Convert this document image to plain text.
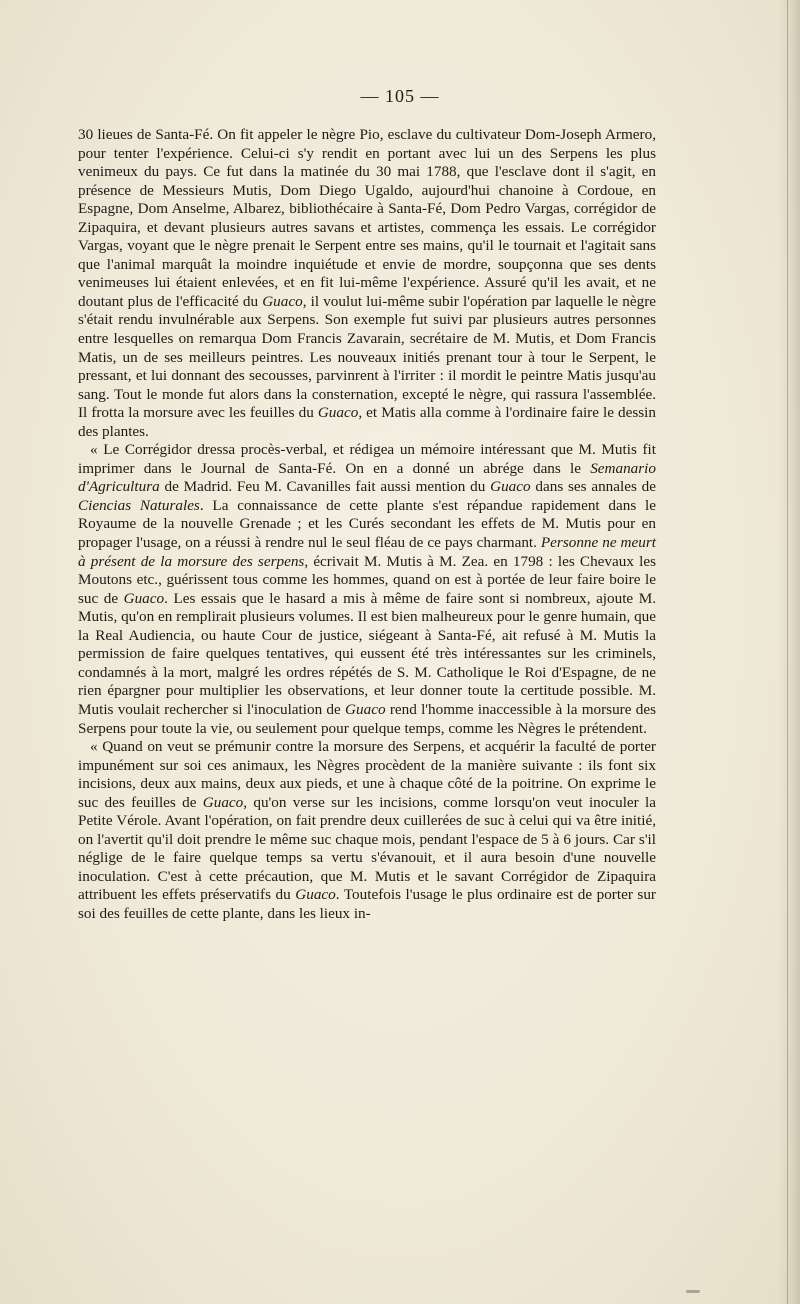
— 105 —

30 lieues de Santa-Fé. On fit appeler le nègre Pio, esclave du cultivateur Dom-Joseph Armero, pour tenter l'expérience. Celui-ci s'y rendit en portant avec lui un des Serpens les plus venimeux du pays. Ce fut dans la matinée du 30 mai 1788, que l'esclave dont il s'agit, en présence de Messieurs Mutis, Dom Diego Ugaldo, aujourd'hui chanoine à Cordoue, en Espagne, Dom Anselme, Albarez, bibliothécaire à Santa-Fé, Dom Pedro Vargas, corrégidor de Zipaquira, et devant plusieurs autres savans et artistes, commença les essais. Le corrégidor Vargas, voyant que le nègre prenait le Serpent entre ses mains, qu'il le tournait et l'agitait sans que l'animal marquât la moindre inquiétude et envie de mordre, soupçonna que ses dents venimeuses lui étaient enlevées, et en fit lui-même l'expérience. Assuré qu'il les avait, et ne doutant plus de l'efficacité du Guaco, il voulut lui-même subir l'opération par laquelle le nègre s'était rendu invulnérable aux Serpens. Son exemple fut suivi par plusieurs autres personnes entre lesquelles on remarqua Dom Francis Zavarain, secrétaire de M. Mutis, et Dom Francis Matis, un de ses meilleurs peintres. Les nouveaux initiés prenant tour à tour le Serpent, le pressant, et lui donnant des secousses, parvinrent à l'irriter : il mordit le peintre Matis jusqu'au sang. Tout le monde fut alors dans la consternation, excepté le nègre, qui rassura l'assemblée. Il frotta la morsure avec les feuilles du Guaco, et Matis alla comme à l'ordinaire faire le dessin des plantes.

« Le Corrégidor dressa procès-verbal, et rédigea un mémoire intéressant que M. Mutis fit imprimer dans le Journal de Santa-Fé. On en a donné un abrége dans le Semanario d'Agricultura de Madrid. Feu M. Cavanilles fait aussi mention du Guaco dans ses annales de Ciencias Naturales. La connaissance de cette plante s'est répandue rapidement dans le Royaume de la nouvelle Grenade ; et les Curés secondant les effets de M. Mutis pour en propager l'usage, on a réussi à rendre nul le seul fléau de ce pays charmant. Personne ne meurt à présent de la morsure des serpens, écrivait M. Mutis à M. Zea. en 1798 : les Chevaux les Moutons etc., guérissent tous comme les hommes, quand on est à portée de leur faire boire le suc de Guaco. Les essais que le hasard a mis à même de faire sont si nombreux, ajoute M. Mutis, qu'on en remplirait plusieurs volumes. Il est bien malheureux pour le genre humain, que la Real Audiencia, ou haute Cour de justice, siégeant à Santa-Fé, ait refusé à M. Mutis la permission de faire quelques tentatives, qui eussent été très intéressantes sur les criminels, condamnés à la mort, malgré les ordres répétés de S. M. Catholique le Roi d'Espagne, de ne rien épargner pour multiplier les observations, et leur donner toute la certitude possible. M. Mutis voulait rechercher si l'inoculation de Guaco rend l'homme inaccessible à la morsure des Serpens pour toute la vie, ou seulement pour quelque temps, comme les Nègres le prétendent.

« Quand on veut se prémunir contre la morsure des Serpens, et acquérir la faculté de porter impunément sur soi ces animaux, les Nègres procèdent de la manière suivante : ils font six incisions, deux aux mains, deux aux pieds, et une à chaque côté de la poitrine. On exprime le suc des feuilles de Guaco, qu'on verse sur les incisions, comme lorsqu'on veut inoculer la Petite Vérole. Avant l'opération, on fait prendre deux cuillerées de suc à celui qui va être initié, on l'avertit qu'il doit prendre le même suc chaque mois, pendant l'espace de 5 à 6 jours. Car s'il néglige de le faire quelque temps sa vertu s'évanouit, et il aura besoin d'une nouvelle inoculation. C'est à cette précaution, que M. Mutis et le savant Corrégidor de Zipaquira attribuent les effets préservatifs du Guaco. Toutefois l'usage le plus ordinaire est de porter sur soi des feuilles de cette plante, dans les lieux in-
